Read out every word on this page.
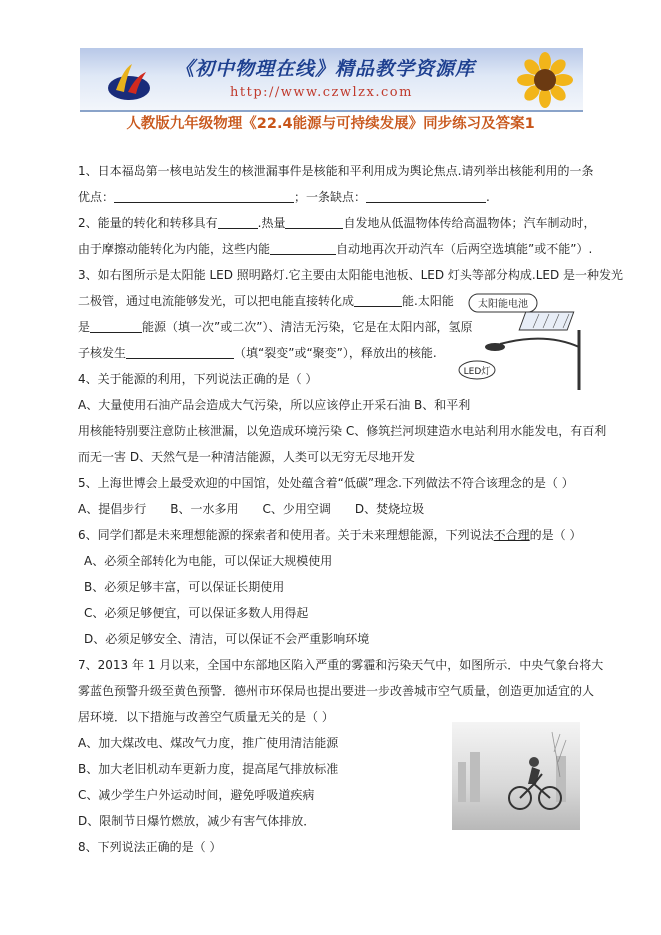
《初中物理在线》精品教学资源库
http://www.czwlzx.com
人教版九年级物理《22.4能源与可持续发展》同步练习及答案1

1、日本福岛第一核电站发生的核泄漏事件是核能和平利用成为舆论焦点.请列举出核能利用的一条

优点：	；一条缺点：	.

2、能量的转化和转移具有	.热量	自发地从低温物体传给高温物体；汽车制动时，

由于摩擦动能转化为内能，这些内能	自动地再次开动汽车（后两空选填能”或不能”）.

3、如右图所示是太阳能 LED 照明路灯.它主要由太阳能电池板、LED 灯头等部分构成.LED 是一种发光

二极管，通过电流能够发光，可以把电能直接转化成	能.太阳能

是	能源（填一次”或二次”）、清洁无污染，它是在太阳内部，氢原

子核发生	（填“裂变”或“聚变”），释放出的核能.

4、关于能源的利用，下列说法正确的是（ ）

A、大量使用石油产品会造成大气污染，所以应该停止开采石油 B、和平利

用核能特别要注意防止核泄漏，以免造成环境污染 C、修筑拦河坝建造水电站利用水能发电，有百利

而无一害 D、天然气是一种清洁能源，人类可以无穷无尽地开发

5、上海世博会上最受欢迎的中国馆，处处蕴含着“低碳”理念.下列做法不符合该理念的是（ ）

A、提倡步行 B、一水多用 C、少用空调 D、焚烧垃圾

6、同学们都是未来理想能源的探索者和使用者。关于未来理想能源，下列说法不合理的是（ ）

A、必须全部转化为电能，可以保证大规模使用

B、必须足够丰富，可以保证长期使用

C、必须足够便宜，可以保证多数人用得起

D、必须足够安全、清洁，可以保证不会严重影响环境

7、2013 年 1 月以来，全国中东部地区陷入严重的雾霾和污染天气中，如图所示．中央气象台将大

雾蓝色预警升级至黄色预警．德州市环保局也提出要进一步改善城市空气质量，创造更加适宜的人

居环境．以下措施与改善空气质量无关的是（ ）

A、加大煤改电、煤改气力度，推广使用清洁能源

B、加大老旧机动车更新力度，提高尾气排放标准

C、减少学生户外运动时间，避免呼吸道疾病

D、限制节日爆竹燃放，减少有害气体排放．

8、下列说法正确的是（ ）

太阳能电池
LED灯
